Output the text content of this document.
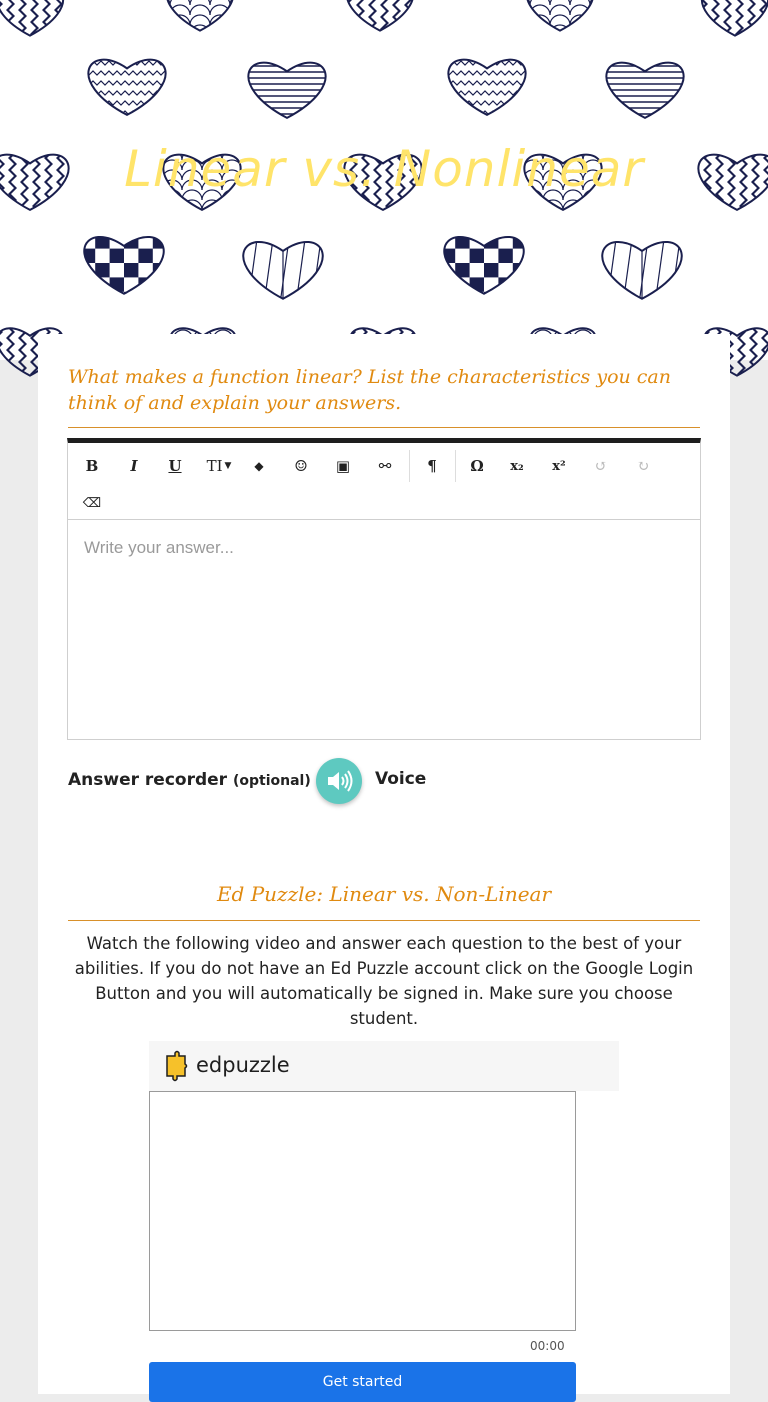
Linear vs. Nonlinear
What makes a function linear? List the characteristics you can think of and explain your answers.
B	I	U	TI ▼	◆	☺	▣	⚯	¶	Ω	x₂	x²	↺	↻
⌫
Write your answer...
Answer recorder (optional)	Voice
Ed Puzzle: Linear vs. Non-Linear
Watch the following video and answer each question to the best of your abilities. If you do not have an Ed Puzzle account click on the Google Login Button and you will automatically be signed in. Make sure you choose student.
edpuzzle
00:00
Get started
